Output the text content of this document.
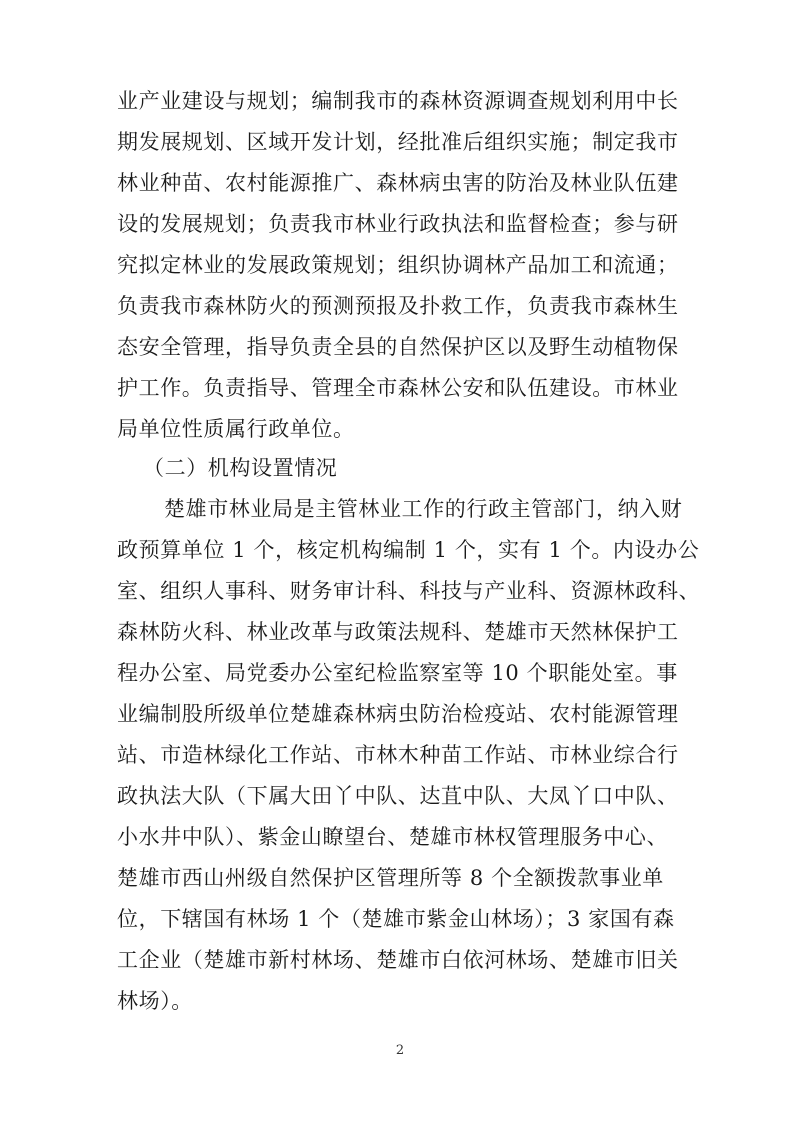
业产业建设与规划；编制我市的森林资源调查规划利用中长
期发展规划、区域开发计划，经批准后组织实施；制定我市
林业种苗、农村能源推广、森林病虫害的防治及林业队伍建
设的发展规划；负责我市林业行政执法和监督检查；参与研
究拟定林业的发展政策规划；组织协调林产品加工和流通；
负责我市森林防火的预测预报及扑救工作，负责我市森林生
态安全管理，指导负责全县的自然保护区以及野生动植物保
护工作。负责指导、管理全市森林公安和队伍建设。市林业
局单位性质属行政单位。
（二）机构设置情况
楚雄市林业局是主管林业工作的行政主管部门，纳入财
政预算单位 1 个，核定机构编制 1 个，实有 1 个。内设办公
室、组织人事科、财务审计科、科技与产业科、资源林政科、
森林防火科、林业改革与政策法规科、楚雄市天然林保护工
程办公室、局党委办公室纪检监察室等 10 个职能处室。事
业编制股所级单位楚雄森林病虫防治检疫站、农村能源管理
站、市造林绿化工作站、市林木种苗工作站、市林业综合行
政执法大队（下属大田丫中队、达苴中队、大凤丫口中队、
小水井中队）、紫金山瞭望台、楚雄市林权管理服务中心、
楚雄市西山州级自然保护区管理所等 8 个全额拨款事业单
位，下辖国有林场 1 个（楚雄市紫金山林场）；3 家国有森
工企业（楚雄市新村林场、楚雄市白依河林场、楚雄市旧关
林场）。
2
